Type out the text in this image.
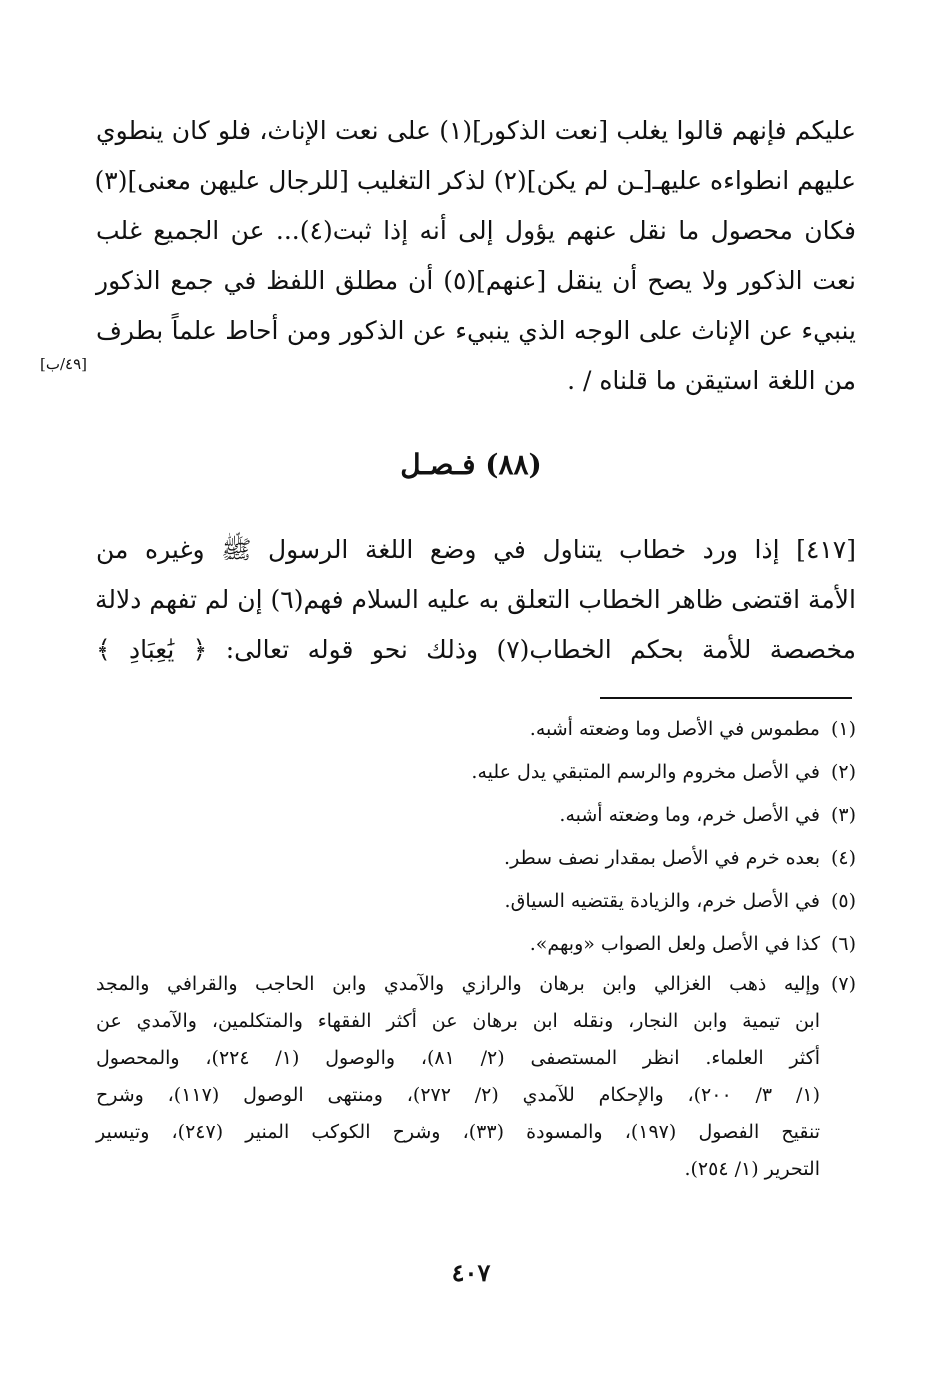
عليكم فإنهم قالوا يغلب [نعت الذكور](١) على نعت الإناث، فلو كان ينطوي
عليهم انطواءه عليهـ[ـن لم يكن](٢) لذكر التغليب [للرجال عليهن معنى](٣)
فكان محصول ما نقل عنهم يؤول إلى أنه إذا ثبت(٤)... عن الجميع غلب
نعت الذكور ولا يصح أن ينقل [عنهم](٥) أن مطلق اللفظ في جمع الذكور
ينبيء عن الإناث على الوجه الذي ينبيء عن الذكور ومن أحاط علماً بطرف
من اللغة استيقن ما قلناه / .
[٤٩/ب]
(٨٨) فـصـل
[٤١٧] إذا ورد خطاب يتناول في وضع اللغة الرسول ﷺ وغيره من
الأمة اقتضى ظاهر الخطاب التعلق به عليه السلام فهم(٦) إن لم تفهم دلالة
مخصصة للأمة بحكم الخطاب(٧) وذلك نحو قوله تعالى: ﴿ يَٰعِبَادِ ﴾
(١)مطموس في الأصل وما وضعته أشبه.
(٢)في الأصل مخروم والرسم المتبقي يدل عليه.
(٣)في الأصل خرم، وما وضعته أشبه.
(٤)بعده خرم في الأصل بمقدار نصف سطر.
(٥)في الأصل خرم، والزيادة يقتضيه السياق.
(٦)كذا في الأصل ولعل الصواب «وبهم».
(٧)وإليه ذهب الغزالي وابن برهان والرازي والآمدي وابن الحاجب والقرافي والمجد
ابن تيمية وابن النجار، ونقله ابن برهان عن أكثر الفقهاء والمتكلمين، والآمدي عن
أكثر العلماء. انظر المستصفى (٢/ ٨١)، والوصول (١/ ٢٢٤)، والمحصول
(١/ ٣/ ٢٠٠)، والإحكام للآمدي (٢/ ٢٧٢)، ومنتهى الوصول (١١٧)، وشرح
تنقيح الفصول (١٩٧)، والمسودة (٣٣)، وشرح الكوكب المنير (٢٤٧)، وتيسير
التحرير (١/ ٢٥٤).
٤٠٧
